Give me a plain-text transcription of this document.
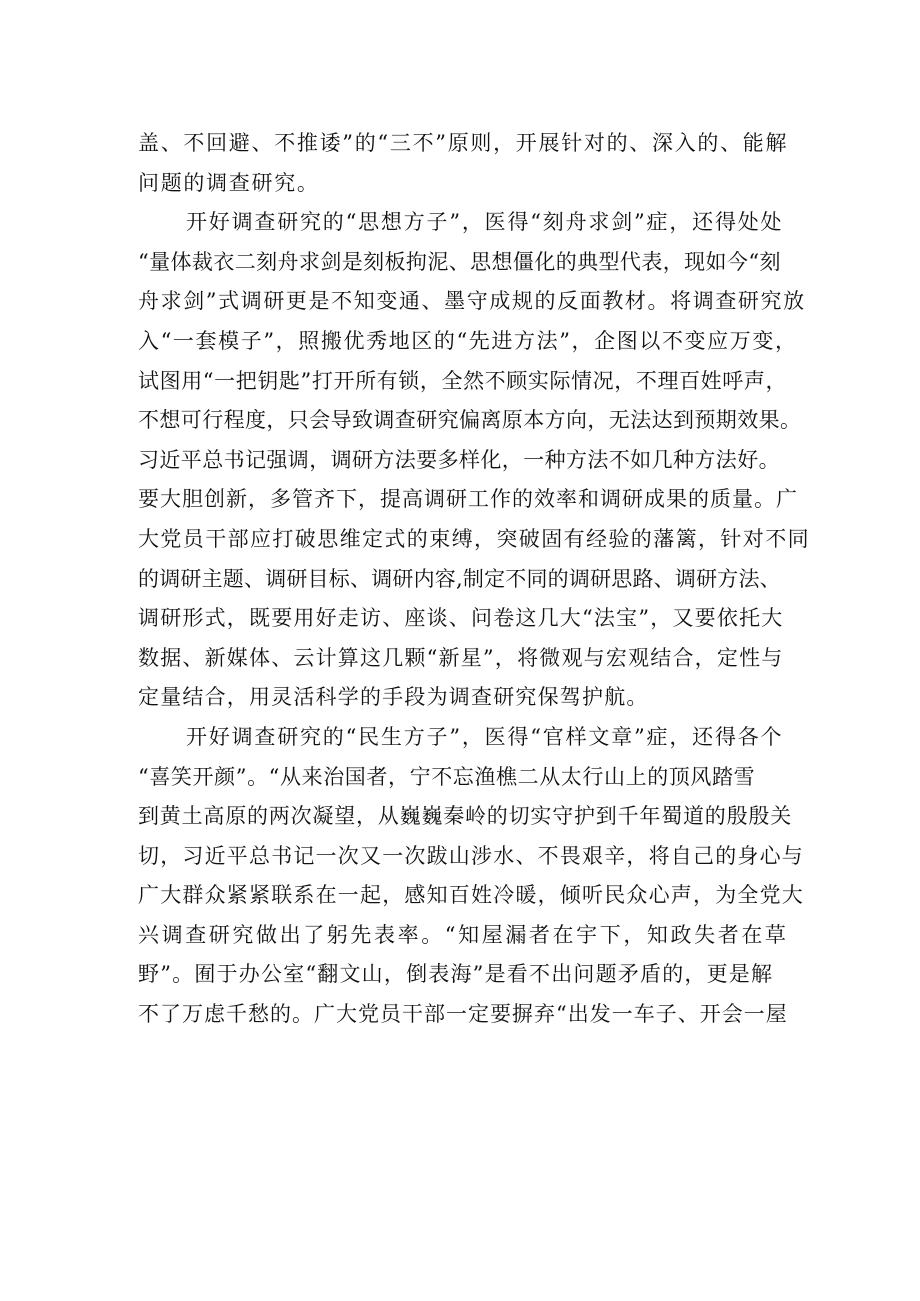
盖、不回避、不推诿”的“三不”原则，开展针对的、深入的、能解
问题的调查研究。
开好调查研究的“思想方子”，医得“刻舟求剑”症，还得处处
“量体裁衣二刻舟求剑是刻板拘泥、思想僵化的典型代表，现如今“刻
舟求剑”式调研更是不知变通、墨守成规的反面教材。将调查研究放
入“一套模子”，照搬优秀地区的“先进方法”，企图以不变应万变，
试图用“一把钥匙”打开所有锁，全然不顾实际情况，不理百姓呼声，
不想可行程度，只会导致调查研究偏离原本方向，无法达到预期效果。
习近平总书记强调，调研方法要多样化，一种方法不如几种方法好。
要大胆创新，多管齐下，提高调研工作的效率和调研成果的质量。广
大党员干部应打破思维定式的束缚，突破固有经验的藩篱，针对不同
的调研主题、调研目标、调研内容,制定不同的调研思路、调研方法、
调研形式，既要用好走访、座谈、问卷这几大“法宝”，又要依托大
数据、新媒体、云计算这几颗“新星”，将微观与宏观结合，定性与
定量结合，用灵活科学的手段为调查研究保驾护航。
开好调查研究的“民生方子”，医得“官样文章”症，还得各个
“喜笑开颜”。“从来治国者，宁不忘渔樵二从太行山上的顶风踏雪
到黄土高原的两次凝望，从巍巍秦岭的切实守护到千年蜀道的殷殷关
切，习近平总书记一次又一次跋山涉水、不畏艰辛，将自己的身心与
广大群众紧紧联系在一起，感知百姓冷暖，倾听民众心声，为全党大
兴调查研究做出了躬先表率。“知屋漏者在宇下，知政失者在草
野”。囿于办公室“翻文山，倒表海”是看不出问题矛盾的，更是解
不了万虑千愁的。广大党员干部一定要摒弃“出发一车子、开会一屋
